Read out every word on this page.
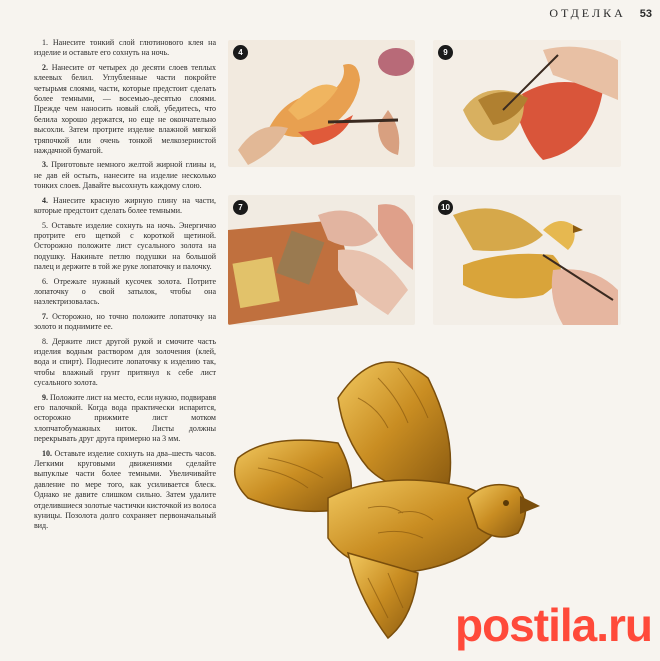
ОТДЕЛКА 53

1. Нанесите тонкий слой глютинового клея на изделие и оставьте его сохнуть на ночь.

2. Нанесите от четырех до десяти слоев теплых клеевых белил. Углубленные части покройте четырьмя слоями, части, которые предстоит сделать более темными, — восемью–десятью слоями. Прежде чем наносить новый слой, убедитесь, что белила хорошо держатся, но еще не окончательно высохли. Затем протрите изделие влажной мягкой тряпочкой или очень тонкой мелкозернистой наждачной бумагой.

3. Приготовьте немного желтой жирной глины и, не дав ей остыть, нанесите на изделие несколько тонких слоев. Давайте высохнуть каждому слою.

4. Нанесите красную жирную глину на части, которые предстоит сделать более темными.

5. Оставьте изделие сохнуть на ночь. Энергично протрите его щеткой с короткой щетиной. Осторожно положите лист сусального золота на подушку. Накиньте петлю подушки на большой палец и держите в той же руке лопаточку и палочку.

6. Отрежьте нужный кусочек золота. Потрите лопаточку о свой затылок, чтобы она наэлектризовалась.

7. Осторожно, но точно положите лопаточку на золото и поднимите ее.

8. Держите лист другой рукой и смочите часть изделия водным раствором для золочения (клей, вода и спирт). Поднесите лопаточку к изделию так, чтобы влажный грунт притянул к себе лист сусального золота.

9. Положите лист на место, если нужно, подвиравя его палочкой. Когда вода практически испарится, осторожно прижмите лист мотком хлопчатобумажных ниток. Листы должны перекрывать друг друга примерно на 3 мм.

10. Оставьте изделие сохнуть на два–шесть часов. Легкими круговыми движениями сделайте выпуклые части более темными. Увеличивайте давление по мере того, как усиливается блеск. Однако не давите слишком сильно. Затем удалите отделившиеся золотые частички кисточкой из волоса куницы. Позолота долго сохраняет первоначальный вид.

4	9
7	10
postila.ru
